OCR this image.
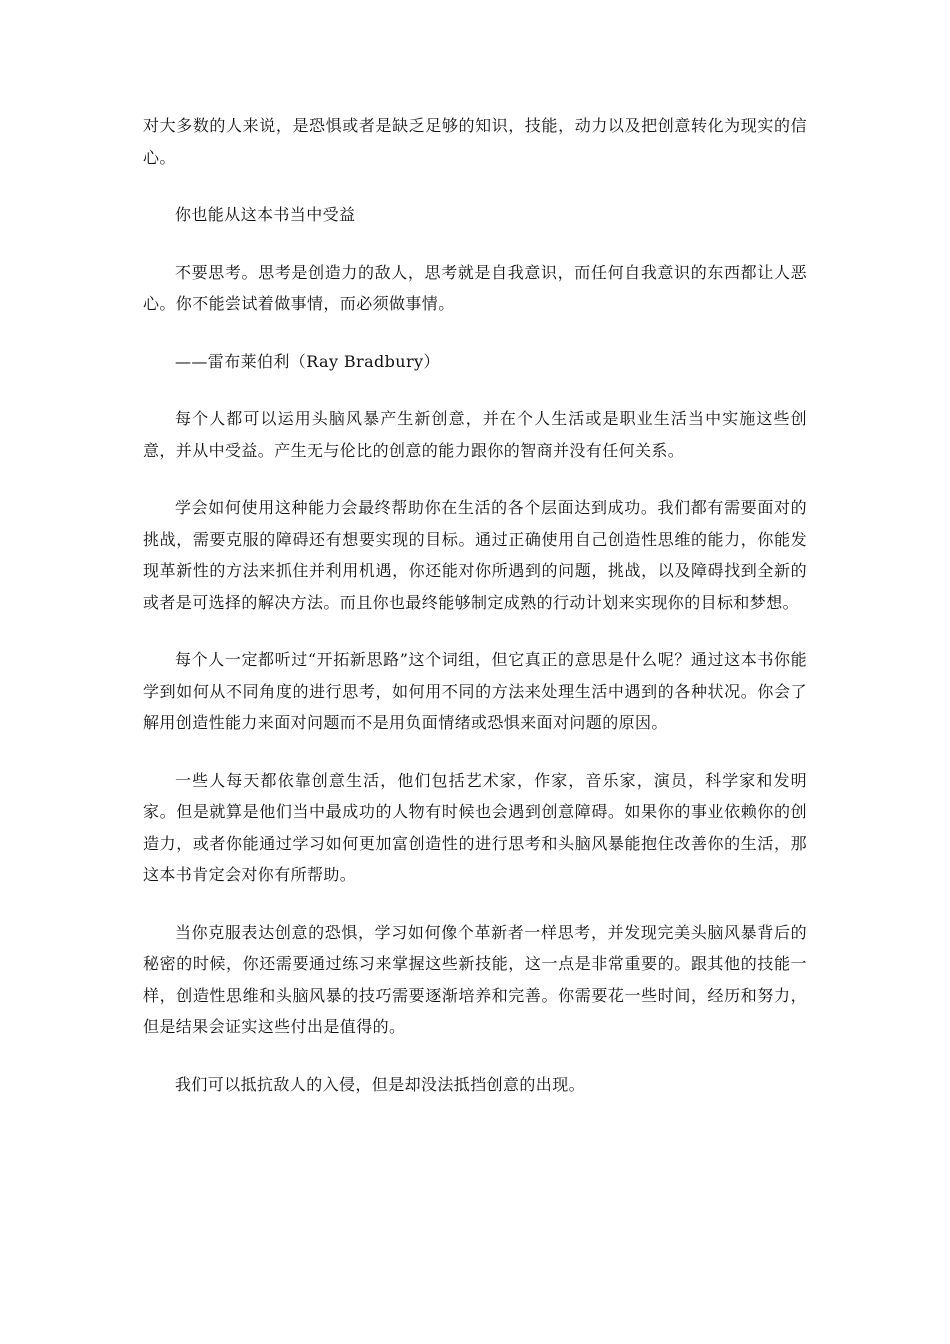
对大多数的人来说，是恐惧或者是缺乏足够的知识，技能，动力以及把创意转化为现实的信心。

你也能从这本书当中受益

不要思考。思考是创造力的敌人，思考就是自我意识，而任何自我意识的东西都让人恶心。你不能尝试着做事情，而必须做事情。

——雷布莱伯利（Ray Bradbury）

每个人都可以运用头脑风暴产生新创意，并在个人生活或是职业生活当中实施这些创意，并从中受益。产生无与伦比的创意的能力跟你的智商并没有任何关系。

学会如何使用这种能力会最终帮助你在生活的各个层面达到成功。我们都有需要面对的挑战，需要克服的障碍还有想要实现的目标。通过正确使用自己创造性思维的能力，你能发现革新性的方法来抓住并利用机遇，你还能对你所遇到的问题，挑战，以及障碍找到全新的或者是可选择的解决方法。而且你也最终能够制定成熟的行动计划来实现你的目标和梦想。

每个人一定都听过“开拓新思路”这个词组，但它真正的意思是什么呢？通过这本书你能学到如何从不同角度的进行思考，如何用不同的方法来处理生活中遇到的各种状况。你会了解用创造性能力来面对问题而不是用负面情绪或恐惧来面对问题的原因。

一些人每天都依靠创意生活，他们包括艺术家，作家，音乐家，演员，科学家和发明家。但是就算是他们当中最成功的人物有时候也会遇到创意障碍。如果你的事业依赖你的创造力，或者你能通过学习如何更加富创造性的进行思考和头脑风暴能抱住改善你的生活，那这本书肯定会对你有所帮助。

当你克服表达创意的恐惧，学习如何像个革新者一样思考，并发现完美头脑风暴背后的秘密的时候，你还需要通过练习来掌握这些新技能，这一点是非常重要的。跟其他的技能一样，创造性思维和头脑风暴的技巧需要逐渐培养和完善。你需要花一些时间，经历和努力，但是结果会证实这些付出是值得的。

我们可以抵抗敌人的入侵，但是却没法抵挡创意的出现。
